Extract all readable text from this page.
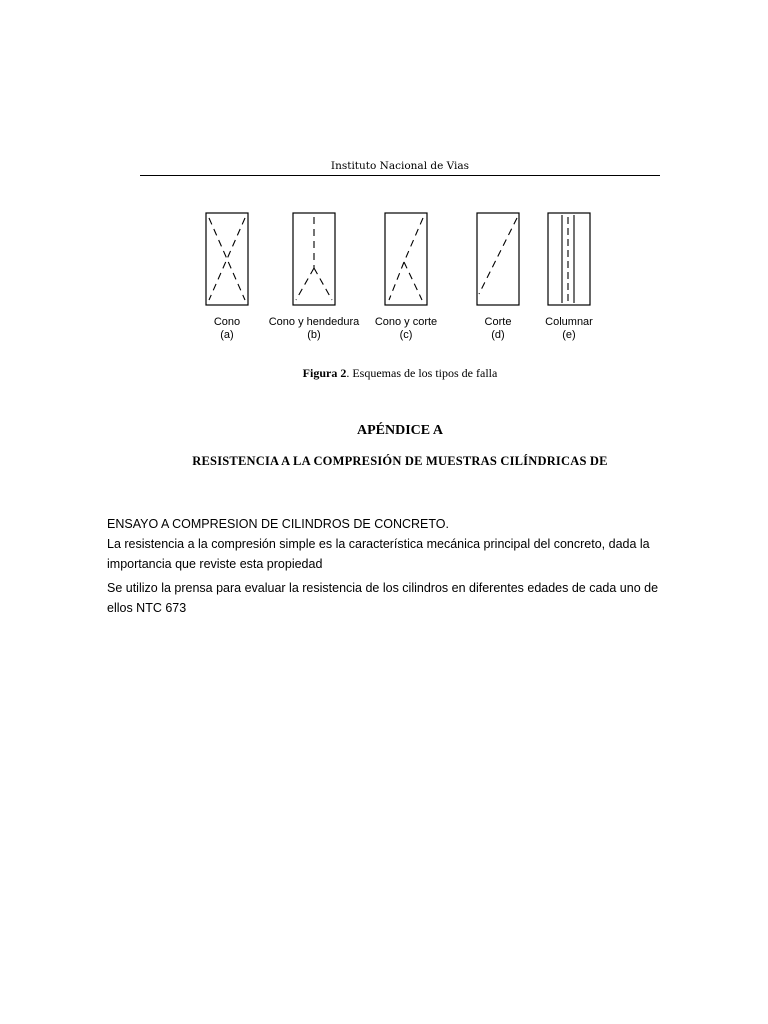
Instituto Nacional de Vias
Cono
(a)
Cono y hendedura
(b)
Cono y corte
(c)
Corte
(d)
Columnar
(e)
Figura 2. Esquemas de los tipos de falla
APÉNDICE A
RESISTENCIA A LA COMPRESIÓN DE MUESTRAS CILÍNDRICAS DE
ENSAYO A COMPRESION DE CILINDROS DE CONCRETO.
La resistencia a la compresión simple es la característica mecánica principal del concreto, dada la
importancia que reviste esta propiedad
Se utilizo la prensa para evaluar la resistencia de los cilindros en diferentes edades de cada uno de
ellos NTC 673
